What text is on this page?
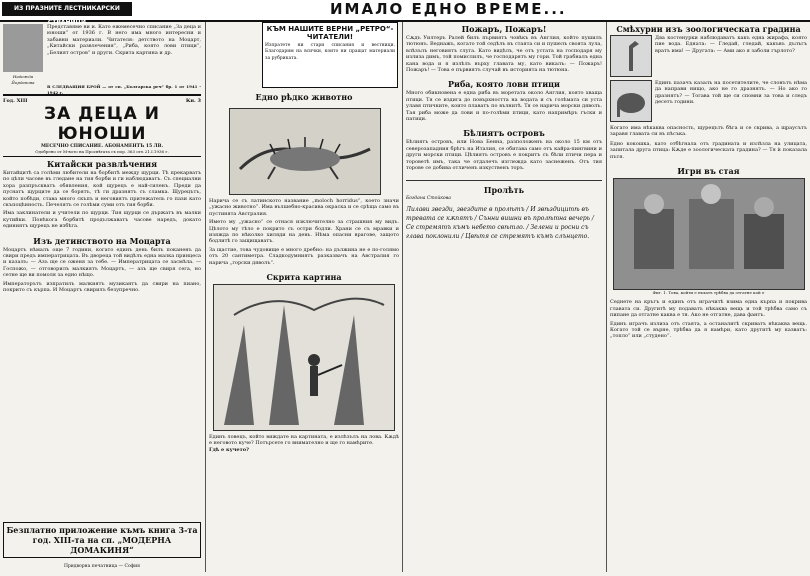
ИЗ ПРАЗНИТЕ ЛЕСТНИКАРСКИ СТРАНИЦИ
ИМАЛО ЕДНО ВРЕМЕ...
Надежда Йорданова

Представяме ви и. Като ежемесечно списание „За деца и юноши“ от 1936 г. В него има много интересни и забавни материали. Читателя: детството на Моцарт, „Китайски развлечения“, „Риба, която лови птици“, „Белият остров“ и други. Скрита картина и др.

В СЛЕДВАЩИЯ БРОЙ — от сп. „Българска реч“ бр. 1 от 1941 - 1942 г.

Год. XIII	Кн. 3
ЗА ДЕЦА И ЮНОШИ
МЕСЕЧНО СПИСАНИЕ. АБОНАМЕНТЪ 15 ЛВ.
Одобрено от М-вото на Просвѣтата съ пор. 363 отъ 21.I.1936 г.
Китайски развлѣчения

Китайцитѣ са голѣми любители на борбитѣ между щурци. Тѣ прекарватъ по цѣли часове въ гледане на тия борби и ги наблюдаватъ. Съ специални хора разпръскватъ обявления, кой щурецъ е най-силенъ. Преди да пуснатъ щурците да се борятъ, тѣ ги дразнятъ съ сламка. Щурецътъ, който побѣди, става много скъпъ и неговиятъ притежатель го пази като скъпоцѣнность. Печелятъ се голѣми суми отъ тия борби.

Има заклинатели и учители по щурци. Тия щурци се държатъ въ малки кутийки. Понѣкога борбитѣ продължаватъ часове наредъ, докато единиятъ щурецъ не избѣга.

Изъ детинството на Моцарта

Моцартъ нѣмалъ още 7 години, когато единъ день билъ поканенъ да свири предъ императрицата. Въ двореца той видѣлъ една малка принцеса и казалъ: — Азъ ще се оженя за тебе. — Императрицата се засмѣла. — Госпожо, — отговорилъ малкиятъ Моцартъ, — азъ ще свиря сега, но сетне ще ви помоля за едно нѣщо.

Императорътъ изпратилъ малкиятъ музикантъ да свири на пиано, покрито съ кърпа. И Моцартъ свирилъ безупречно.

Безплатно приложение къмъ книга 3-та год. XIII-та на сп. „МОДЕРНА ДОМАКИНЯ“
Придворна печатница — София
КЪМ НАШИТЕ ВЕРНИ „РЕТРО“-ЧИТАТЕЛИ!

Изпратете ни стари списания и вестници. Благодарим на всички, които ни пращат материали за рубриката.

Едно рѣдко животно

Нарича се съ латинското название „moloch horridus“, което значи „ужасно животно“. Има вълшебно-красива окраска и се срѣща само въ пустинята Австралия.

Името му „ужасно“ се отнася изключително за страшния му видъ. Цѣлото му тѣло е покрито съ остри бодли. Храни се съ мравки и изяжда по нѣколко хиляди на день. Нѣма опасни врагове, защото бодлитѣ го защищаватъ.

За щастие, това чудовище е много дребно: на дължина не е по-голямо отъ 20 сантиметра. Сладкодумниятъ разказвачъ на Австралия го нарича „горски дяволъ“.

Скрита картина

Единъ ловецъ, който виждате на картината, е излѣзълъ на лова. Кѫдѣ е неговото куче? Потърсете го внимателно и ще го намѣрите.

Гдѣ е кучето?

Пожаръ, Пожаръ!

Сѫдъ Уилтеръ Ралей билъ първиятъ човѣкъ въ Англия, който пушилъ тютюнъ. Веднажъ, когато той седѣлъ въ стаята си и пушелъ своята лула, влѣзълъ неговиятъ слуга. Като видѣлъ, че отъ устата на господаря му излиза димъ, той помислилъ, че господарятъ му гори. Той грабналъ една кана вода и я излѣлъ върху главата му, като викалъ: — Пожаръ! Пожаръ! — Това е първиятъ случай въ историята на тютюна.

Риба, която лови птици

Много обикновена е една риба въ моретата около Англия, която хваща птици. Тя се издига до повърхността на водата и съ голѣмата си уста улавя птичките, които плаватъ по вълнитѣ. Тя се нарича морски дяволъ. Тая риба може да лови и по-голѣми птици, като напримѣръ гъски и патици.

Бѣлиятъ островъ

Бѣлиятъ островъ, или Нова Бенна, разположенъ на около 15 км отъ северозападния брѣгъ на Италия, се обитава само отъ кайра-пингвини и други морски птици. Цѣлиятъ островъ е покритъ съ бѣли птичи пера и тороветѣ имъ, така че отдалечъ изглежда като заснеженъ. Отъ тия торове се добива отличенъ изкуственъ торъ.

Пролѣть
Богдана Стойкова

Лилави звезди, звездите в пролѣтъ / И звѣздицитѣ въ тревата се кѫпятъ / Сънни вишни въ пролѣтна вечерь / Се стремятъ къмъ небето свѣтло. / Зелени и росни съ глава поклонили / Цвѣтя се стремятъ къмъ слънцето.

Смѣхурии изъ зоологическата градина

Два костенурки наблюдаватъ какъ една жирафа, която пие вода. Едната: — Гледай, гледай, какъвъ дълъгъ вратъ има! — Другата: — Ами ако я заболи гърлото?

Единъ пазачъ казалъ на посетителите, че слонътъ нѣма да направи нищо, ако не го дразнятъ. — Но ако го дразнятъ? — Тогава той ще си спомни за това и следъ десетъ години.

Когато има нѣкаква опасность, щурецътъ бѣга и се скрива, а щраусътъ заравя главата си въ пѣсъка.

Едно кокошка, като отбѣгнала отъ градината и излѣзла на улицата, запитала друга птица: Кѫде е зоологическата градина? — Тя ѝ показала пътя.

Игри въ стая
Фиг. 1. Това, койти е пъхатъ трѣбва да отгатне кой е

Седнете на кръгъ и единъ отъ играчитѣ взима една кърпа и покрива главата си. Другитѣ му подаватъ нѣкаква вещь и той трѣбва само съ пипане да отгатне каква е тя. Ако не отгатне, дава фантъ.

Единъ играчъ излиза отъ стаята, а останалитѣ скриватъ нѣкаква вещь. Когато той се върне, трѣбва да я намѣри, като другитѣ му казватъ: „топло“ или „студено“.
